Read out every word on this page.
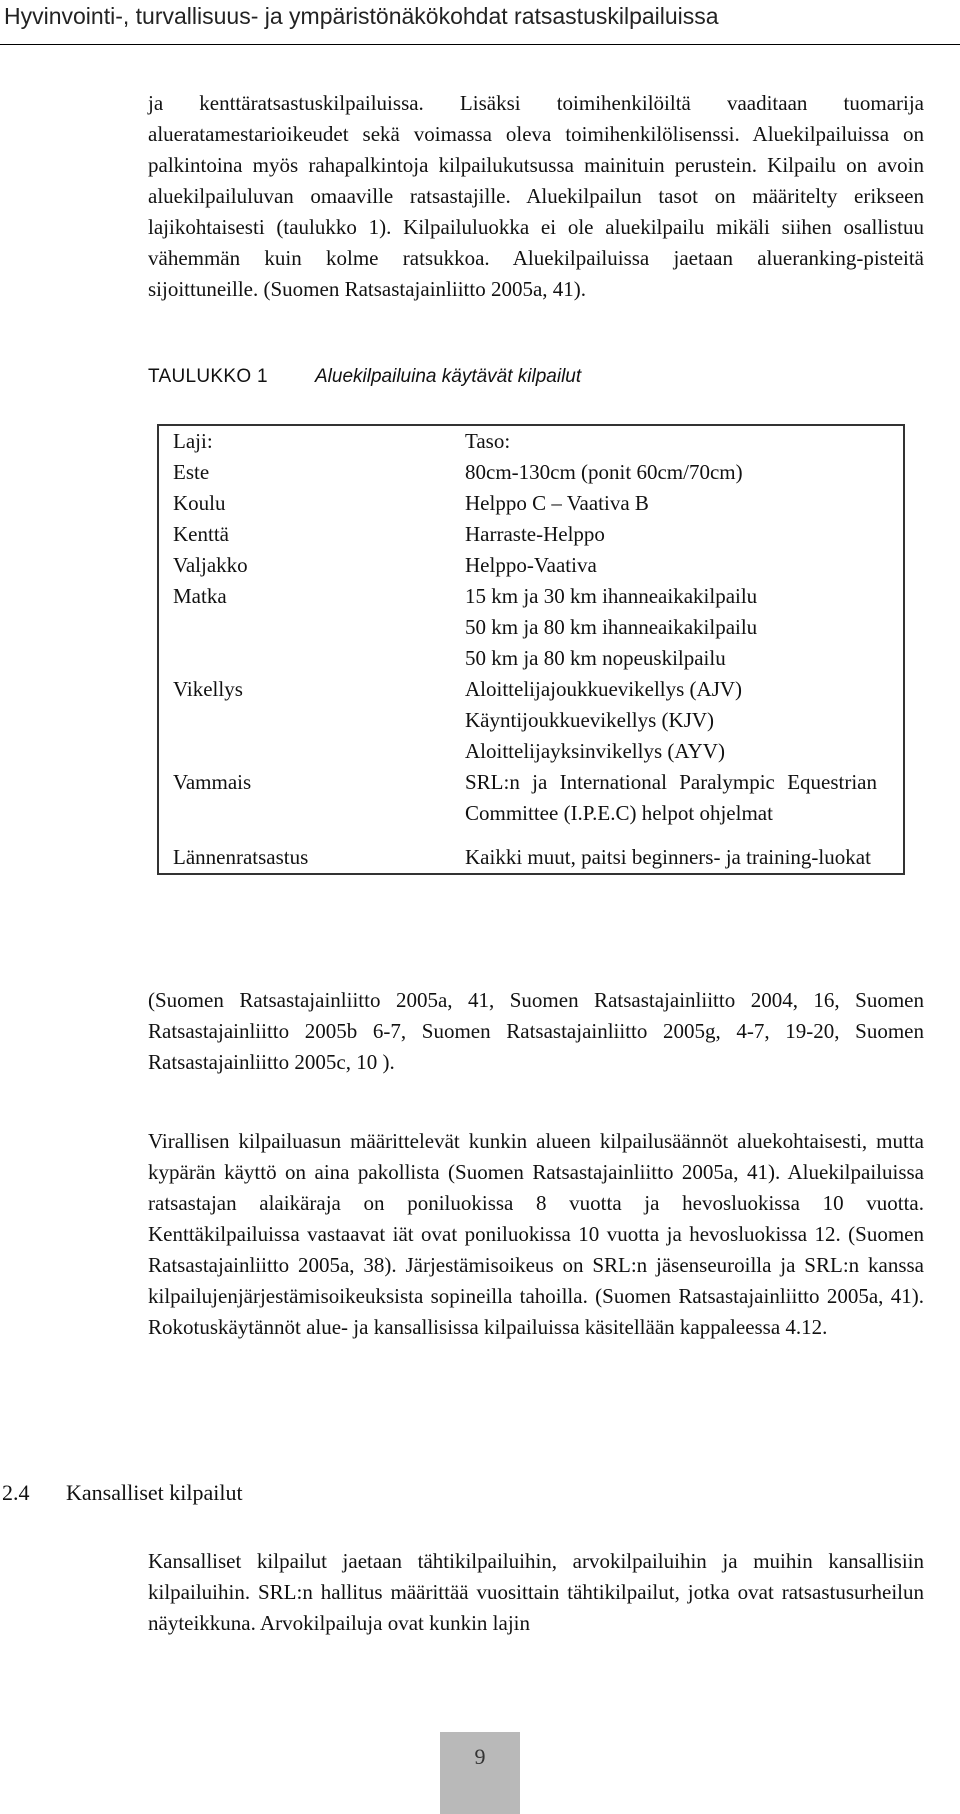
Hyvinvointi-, turvallisuus- ja ympäristönäkökohdat ratsastuskilpailuissa

ja kenttäratsastuskilpailuissa. Lisäksi toimihenkilöiltä vaaditaan tuomarija alueratamestarioikeudet sekä voimassa oleva toimihenkilölisenssi. Aluekilpailuissa on palkintoina myös rahapalkintoja kilpailukutsussa mainituin perustein. Kilpailu on avoin aluekilpailuluvan omaaville ratsastajille. Aluekilpailun tasot on määritelty erikseen lajikohtaisesti (taulukko 1). Kilpailuluokka ei ole aluekilpailu mikäli siihen osallistuu vähemmän kuin kolme ratsukkoa. Aluekilpailuissa jaetaan alueranking-pisteitä sijoittuneille. (Suomen Ratsastajainliitto 2005a, 41).

TAULUKKO 1 Aluekilpailuina käytävät kilpailut
Laji:	Taso:
Este	80cm-130cm (ponit 60cm/70cm)

Koulu	Helppo C – Vaativa B

Kenttä	Harraste-Helppo

Valjakko	Helppo-Vaativa

Matka	15 km ja 30 km ihanneaikakilpailu
50 km ja 80 km ihanneaikakilpailu
50 km ja 80 km nopeuskilpailu

Vikellys	Aloittelijajoukkuevikellys (AJV)
Käyntijoukkuevikellys (KJV)
Aloittelijayksinvikellys (AYV)

Vammais	SRL:n ja International Paralympic Equestrian Committee (I.P.E.C) helpot ohjelmat

Lännenratsastus	Kaikki muut, paitsi beginners- ja training-luokat

(Suomen Ratsastajainliitto 2005a, 41, Suomen Ratsastajainliitto 2004, 16, Suomen Ratsastajainliitto 2005b 6-7, Suomen Ratsastajainliitto 2005g, 4-7, 19-20, Suomen Ratsastajainliitto 2005c, 10 ).

Virallisen kilpailuasun määrittelevät kunkin alueen kilpailusäännöt aluekohtaisesti, mutta kypärän käyttö on aina pakollista (Suomen Ratsastajainliitto 2005a, 41). Aluekilpailuissa ratsastajan alaikäraja on poniluokissa 8 vuotta ja hevosluokissa 10 vuotta. Kenttäkilpailuissa vastaavat iät ovat poniluokissa 10 vuotta ja hevosluokissa 12. (Suomen Ratsastajainliitto 2005a, 38). Järjestämisoikeus on SRL:n jäsenseuroilla ja SRL:n kanssa kilpailujenjärjestämisoikeuksista sopineilla tahoilla. (Suomen Ratsastajainliitto 2005a, 41). Rokotuskäytännöt alue- ja kansallisissa kilpailuissa käsitellään kappaleessa 4.12.

2.4 Kansalliset kilpailut

Kansalliset kilpailut jaetaan tähtikilpailuihin, arvokilpailuihin ja muihin kansallisiin kilpailuihin. SRL:n hallitus määrittää vuosittain tähtikilpailut, jotka ovat ratsastusurheilun näyteikkuna. Arvokilpailuja ovat kunkin lajin

9
